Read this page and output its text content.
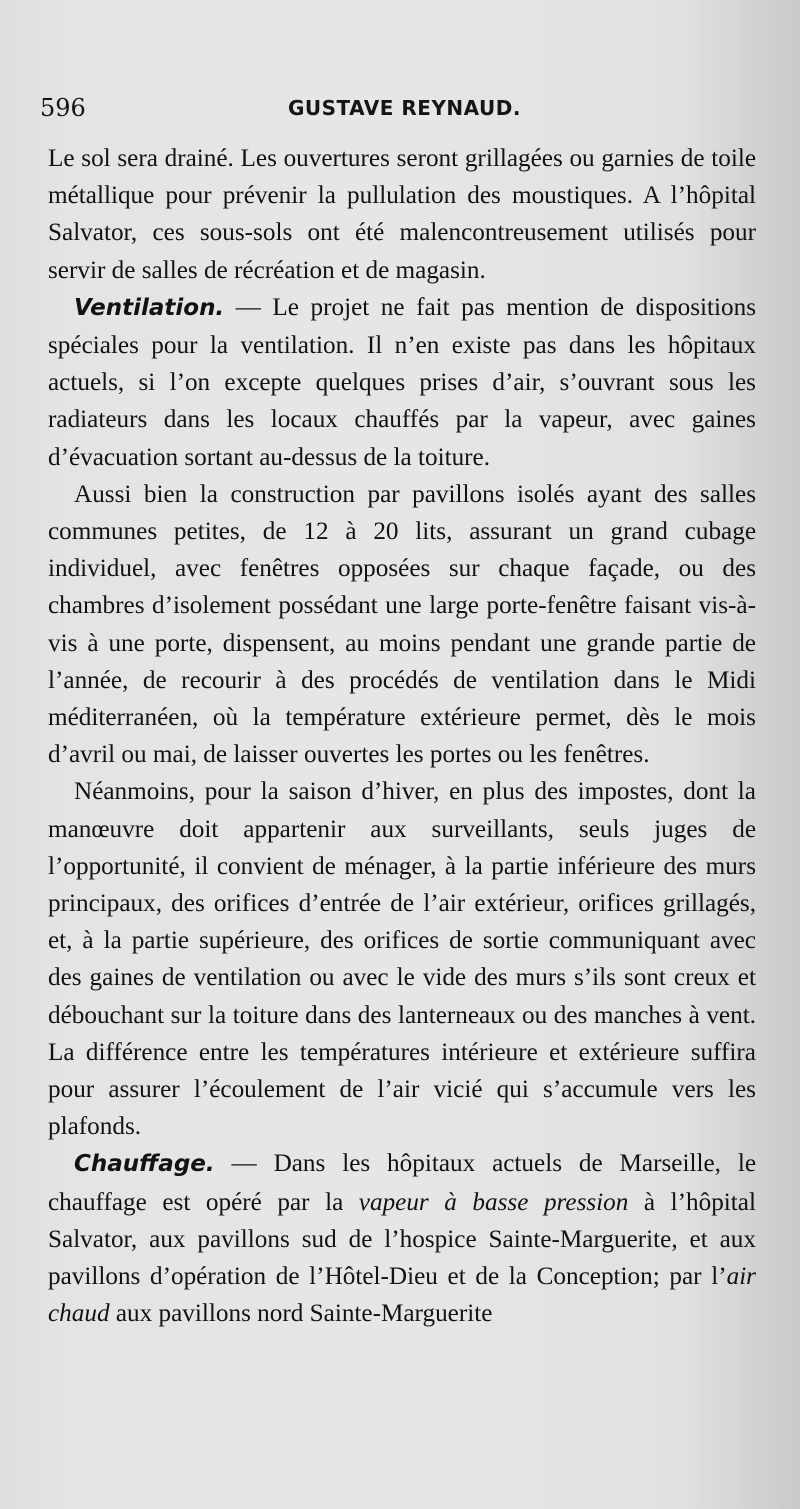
596	GUSTAVE REYNAUD.

Le sol sera drainé. Les ouvertures seront grillagées ou garnies de toile métallique pour prévenir la pullulation des moustiques. A l’hôpital Salvator, ces sous-sols ont été malencontreusement utilisés pour servir de salles de récréation et de magasin.

Ventilation. — Le projet ne fait pas mention de dispositions spéciales pour la ventilation. Il n’en existe pas dans les hôpitaux actuels, si l’on excepte quelques prises d’air, s’ouvrant sous les radiateurs dans les locaux chauffés par la vapeur, avec gaines d’évacuation sortant au-dessus de la toiture.

Aussi bien la construction par pavillons isolés ayant des salles communes petites, de 12 à 20 lits, assurant un grand cubage individuel, avec fenêtres opposées sur chaque façade, ou des chambres d’isolement possédant une large porte-fenêtre faisant vis-à-vis à une porte, dispensent, au moins pendant une grande partie de l’année, de recourir à des procédés de ventilation dans le Midi méditerranéen, où la température extérieure permet, dès le mois d’avril ou mai, de laisser ouvertes les portes ou les fenêtres.

Néanmoins, pour la saison d’hiver, en plus des impostes, dont la manœuvre doit appartenir aux surveillants, seuls juges de l’opportunité, il convient de ménager, à la partie inférieure des murs principaux, des orifices d’entrée de l’air extérieur, orifices grillagés, et, à la partie supérieure, des orifices de sortie communiquant avec des gaines de ventilation ou avec le vide des murs s’ils sont creux et débouchant sur la toiture dans des lanterneaux ou des manches à vent. La différence entre les températures intérieure et extérieure suffira pour assurer l’écoulement de l’air vicié qui s’accumule vers les plafonds.

Chauffage. — Dans les hôpitaux actuels de Marseille, le chauffage est opéré par la vapeur à basse pression à l’hôpital Salvator, aux pavillons sud de l’hospice Sainte-Marguerite, et aux pavillons d’opération de l’Hôtel-Dieu et de la Conception; par l’air chaud aux pavillons nord Sainte-Marguerite
